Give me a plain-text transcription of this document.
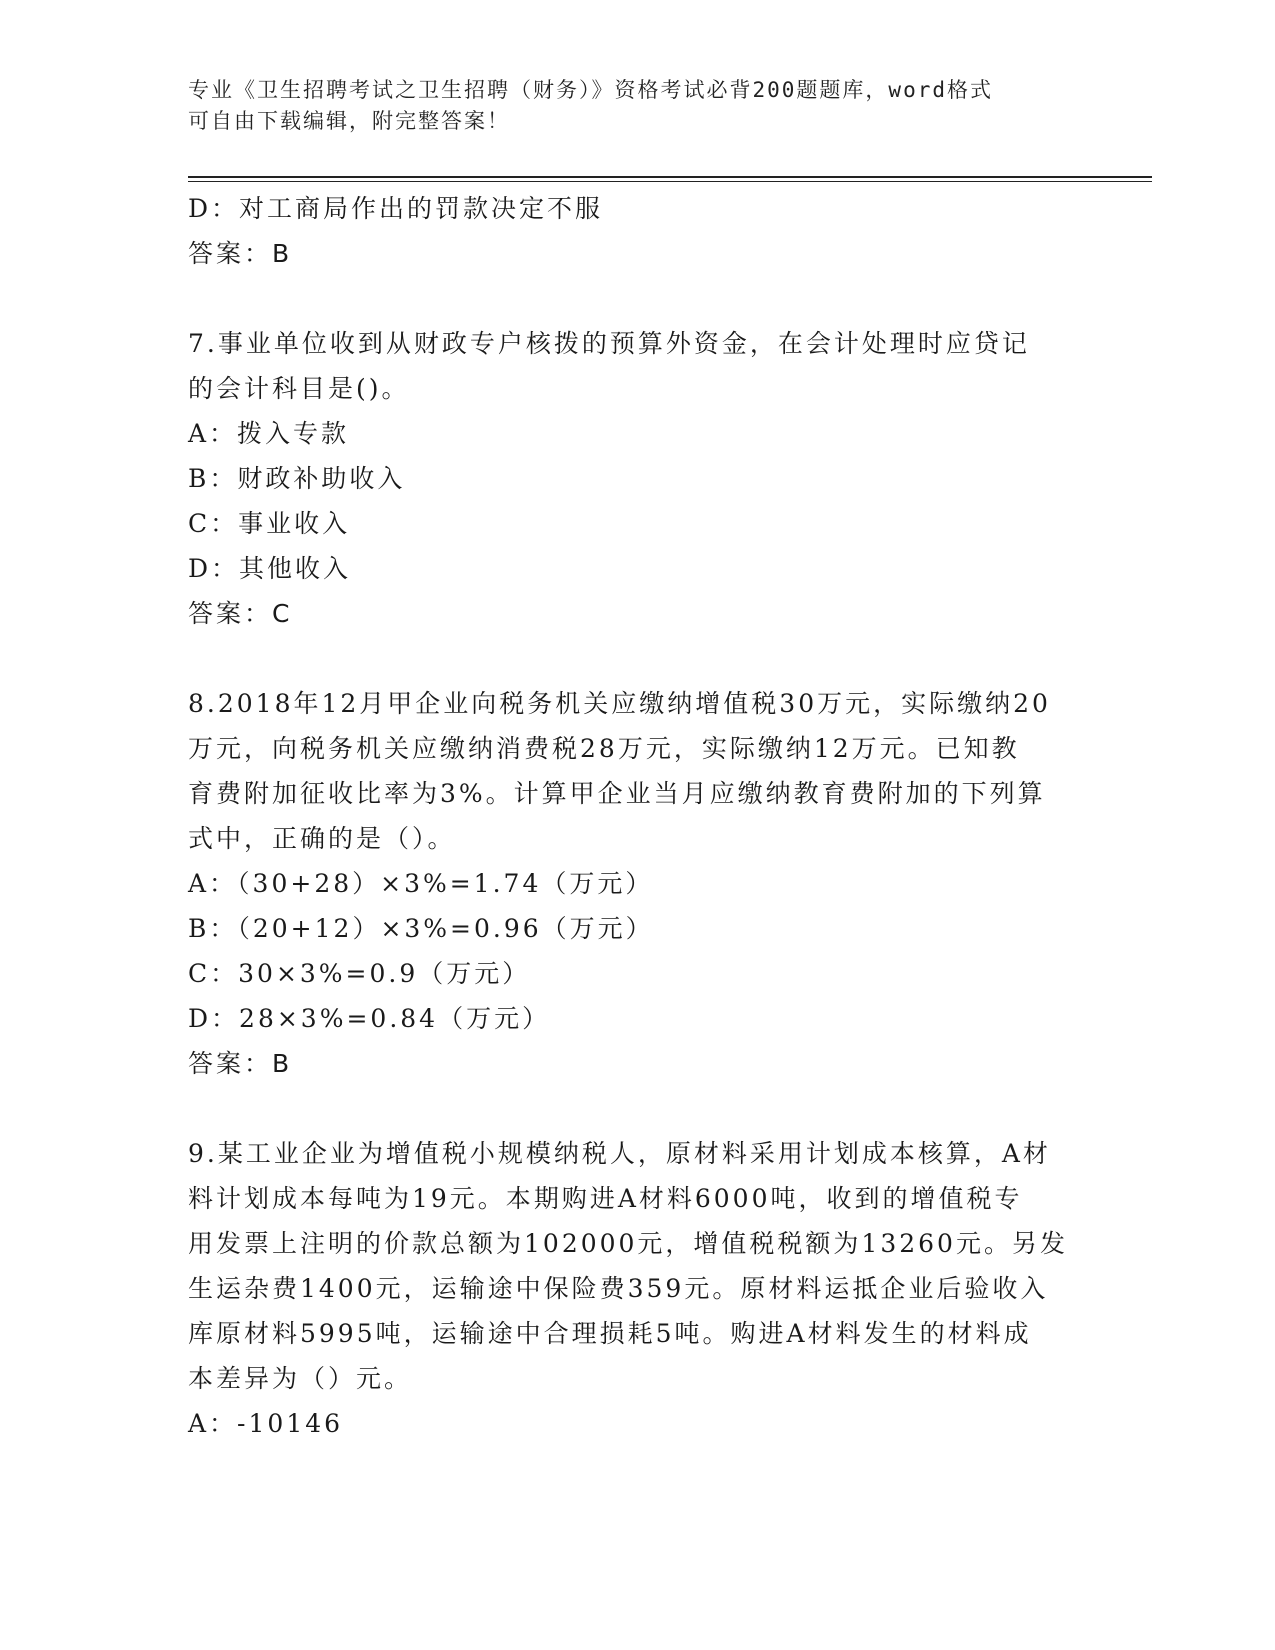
专业《卫生招聘考试之卫生招聘（财务）》资格考试必背200题题库，word格式
可自由下载编辑，附完整答案！
D：对工商局作出的罚款决定不服
答案：B
7.事业单位收到从财政专户核拨的预算外资金，在会计处理时应贷记
的会计科目是()。
A：拨入专款
B：财政补助收入
C：事业收入
D：其他收入
答案：C
8.2018年12月甲企业向税务机关应缴纳增值税30万元，实际缴纳20
万元，向税务机关应缴纳消费税28万元，实际缴纳12万元。已知教
育费附加征收比率为3%。计算甲企业当月应缴纳教育费附加的下列算
式中，正确的是（）。
A：（30+28）×3%=1.74（万元）
B：（20+12）×3%=0.96（万元）
C：30×3%=0.9（万元）
D：28×3%=0.84（万元）
答案：B
9.某工业企业为增值税小规模纳税人，原材料采用计划成本核算，A材
料计划成本每吨为19元。本期购进A材料6000吨，收到的增值税专
用发票上注明的价款总额为102000元，增值税税额为13260元。另发
生运杂费1400元，运输途中保险费359元。原材料运抵企业后验收入
库原材料5995吨，运输途中合理损耗5吨。购进A材料发生的材料成
本差异为（）元。
A：-10146
